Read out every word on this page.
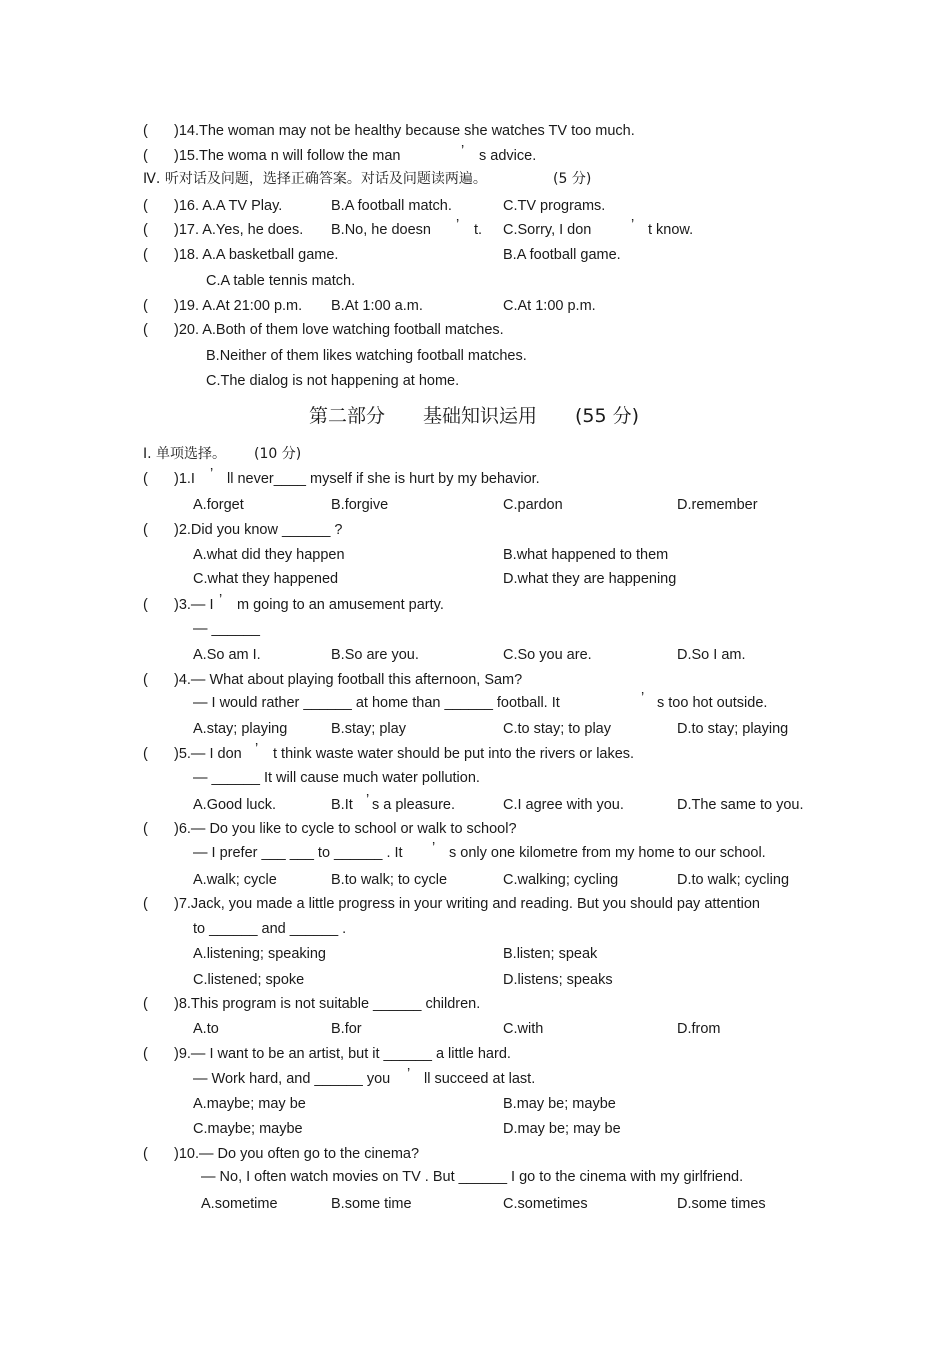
( )14.The woman may not be healthy because she watches TV too much.
( )15.The woma n will follow the man	’ s advice.
Ⅳ. 听对话及问题，选择正确答案。对话及问题读两遍。	(5 分)
( )16. A.A TV Play.	B.A football match.	C.TV programs.
( )17. A.Yes, he does. B.No, he doesn ’ t. C.Sorry, I don	’ t know.
( )18. A.A basketball game.	B.A football game.
C.A table tennis match.
( )19. A.At 21:00 p.m. B.At 1:00 a.m.	C.At 1:00 p.m.
( )20. A.Both of them love watching football matches.
B.Neither of them likes watching football matches.
C.The dialog is not happening at home.
第二部分 基础知识运用 (55 分)
Ⅰ. 单项选择。 (10 分)
( )1.I ’ ll never____ myself if she is hurt by my behavior.
A.forget	B.forgive	C.pardon	D.remember
( )2.Did you know ______ ?
A.what did they happen	B.what happened to them
C.what they happened	D.what they are happening
( )3.— I ’ m going to an amusement party.
— ______
A.So am I.	B.So are you.	C.So you are.	D.So I am.
( )4.— What about playing football this afternoon, Sam?
— I would rather ______ at home than ______ football. It	’ s too hot outside.
A.stay; playing	B.stay; play	C.to stay; to play	D.to stay; playing
( )5.— I don ’ t think waste water should be put into the rivers or lakes.
— ______ It will cause much water pollution.
A.Good luck.	B.It ’ s a pleasure.	C.I agree with you.	D.The same to you.
( )6.— Do you like to cycle to school or walk to school?
— I prefer ___ ___ to ______ . It ’ s only one kilometre from my home to our school.
A.walk; cycle	B.to walk; to cycle	C.walking; cycling	D.to walk; cycling
( )7.Jack, you made a little progress in your writing and reading. But you should pay attention
to ______ and ______ .
A.listening; speaking	B.listen; speak
C.listened; spoke	D.listens; speaks
( )8.This program is not suitable ______ children.
A.to	B.for	C.with	D.from
( )9.— I want to be an artist, but it ______ a little hard.
— Work hard, and ______ you ’ ll succeed at last.
A.maybe; may be	B.may be; maybe
C.maybe; maybe	D.may be; may be
( )10.— Do you often go to the cinema?
— No, I often watch movies on TV . But ______ I go to the cinema with my girlfriend.
A.sometime	B.some time	C.sometimes	D.some times
